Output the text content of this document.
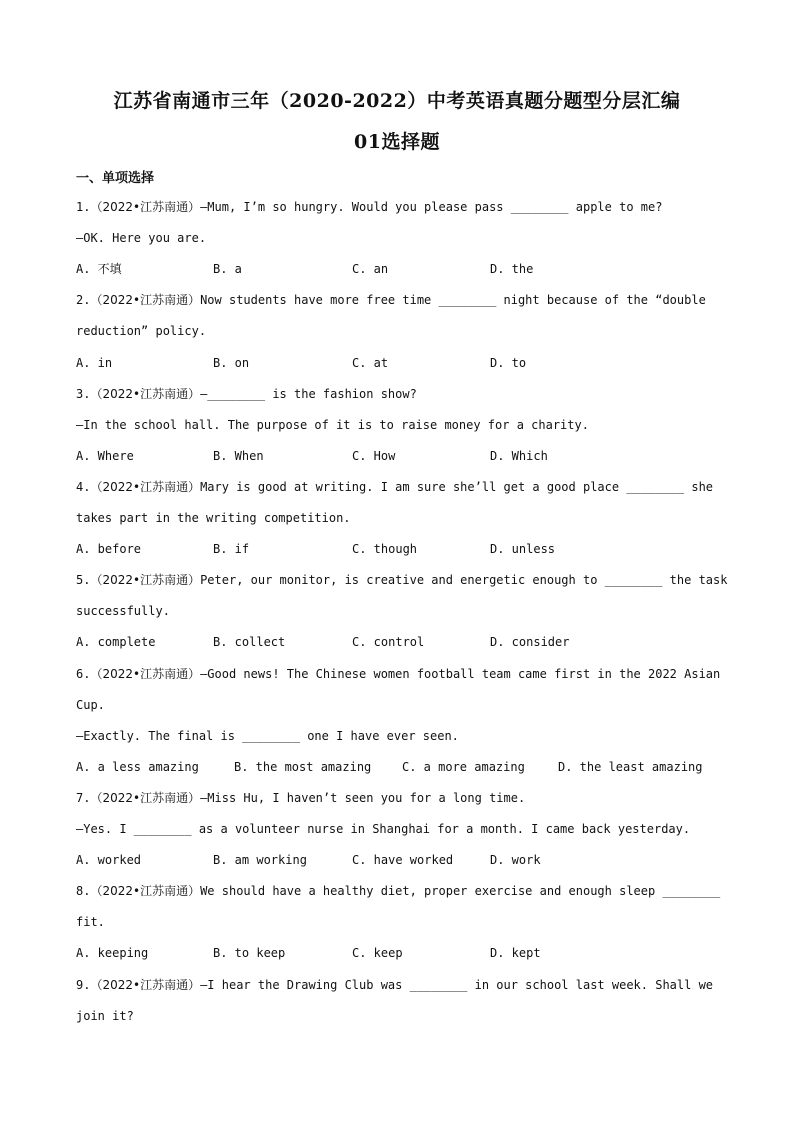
江苏省南通市三年（2020-2022）中考英语真题分题型分层汇编
01选择题
一、单项选择
1.（2022•江苏南通）—Mum, I’m so hungry. Would you please pass ________ apple to me?
—OK. Here you are.
A. 不填	B. a	C. an	D. the
2.（2022•江苏南通）Now students have more free time ________ night because of the “double
reduction” policy.
A. in	B. on	C. at	D. to
3.（2022•江苏南通）—________ is the fashion show?
—In the school hall. The purpose of it is to raise money for a charity.
A. Where	B. When	C. How	D. Which
4.（2022•江苏南通）Mary is good at writing. I am sure she’ll get a good place ________ she
takes part in the writing competition.
A. before	B. if	C. though	D. unless
5.（2022•江苏南通）Peter, our monitor, is creative and energetic enough to ________ the task
successfully.
A. complete	B. collect	C. control	D. consider
6.（2022•江苏南通）—Good news! The Chinese women football team came first in the 2022 Asian
Cup.
—Exactly. The final is ________ one I have ever seen.
A. a less amazing	B. the most amazing	C. a more amazing	D. the least amazing
7.（2022•江苏南通）—Miss Hu, I haven’t seen you for a long time.
—Yes. I ________ as a volunteer nurse in Shanghai for a month. I came back yesterday.
A. worked	B. am working	C. have worked	D. work
8.（2022•江苏南通）We should have a healthy diet, proper exercise and enough sleep ________
fit.
A. keeping	B. to keep	C. keep	D. kept
9.（2022•江苏南通）—I hear the Drawing Club was ________ in our school last week. Shall we
join it?
